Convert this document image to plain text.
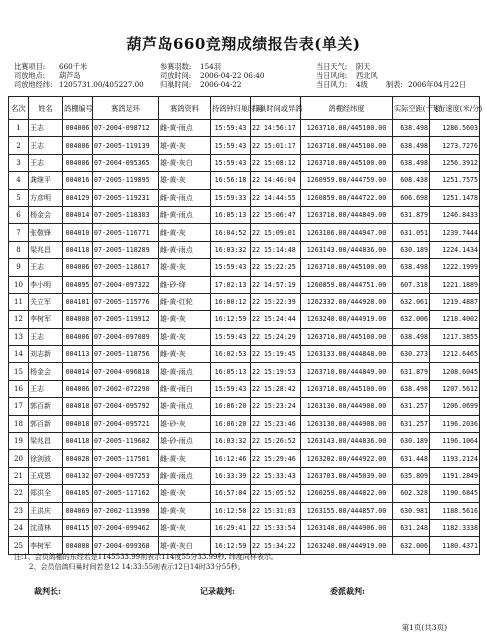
葫芦岛660竞翔成绩报告表(单关)
比赛项目: 660千米
司放地点: 葫芦岛
司放地经纬: 1205731.00/405227.00
参赛羽数: 154羽
司放时间: 2006-04-22 06:40
归巢时间: 2006-04-22
当日天气: 阴天
当日风向: 西北风
当日风力: 4级	制表: 2006年04月22日
名次	姓名	鸽棚编号	赛鸽足环	赛鸽资料	持鸽钟归巢时间	归巢时间或异鸽	鸽棚经纬度	实际空距(千米)	飞行速度(米/分)
1	王志	004006	07-2004-098712	雌-黄-雨点	15:59:43	22 14:56:17	1263710.00/445100.00	638.498	1286.5603
2	王志	004006	07-2005-119139	雄-黄-灰	15:59:43	22 15:01:17	1263710.00/445100.00	638.498	1273.7276
3	王志	004006	07-2004-095365	雄-黄-灰白	15:59:43	22 15:08:12	1263710.00/445100.00	638.498	1256.3912
4	龚继平	004016	07-2005-119895	雄-黄-灰	16:56:18	22 14:46:04	1260959.00/444759.00	608.438	1251.7575
5	方彦明	004129	07-2005-119231	雌-黄-雨点	15:59:33	22 14:44:55	1260859.00/444722.00	606.698	1251.1478
6	杨金会	004014	07-2005-118303	雌-黄-雨点	16:05:13	22 15:06:47	1263710.00/444849.00	631.879	1246.8433
7	张敬锋	004010	07-2005-116771	雌-黄-灰	16:04:52	22 15:09:01	1263106.00/444947.00	631.051	1239.7444
8	梁兆昌	004118	07-2005-118289	雌-黄-雨点	16:03:32	22 15:14:48	1263143.00/444836.00	630.189	1224.1434
9	王志	004006	07-2005-118617	雄-黄-灰	15:59:43	22 15:22:25	1263710.00/445100.00	638.498	1222.1999
10	李小明	004095	07-2004-097322	雌-砂-绛	17:02:13	22 14:57:19	1260859.00/444751.00	607.318	1221.1889
11	关立军	004101	07-2005-115776	雌-黄-红轮	16:00:12	22 15:22:39	1262332.00/444928.00	632.061	1219.4887
12	李树军	004008	07-2005-119912	雄-黄-灰	16:12:59	22 15:24:44	1263240.00/444919.00	632.006	1218.4002
13	王志	004006	07-2004-097089	雄-黄-灰	15:59:43	22 15:24:29	1263710.00/445100.00	638.498	1217.3855
14	刘志新	004113	07-2005-118756	雌-黄-灰	16:02:53	22 15:19:45	1263133.00/444848.00	630.273	1212.6465
15	杨金会	004014	07-2004-096818	雄-黄-雨点	16:05:13	22 15:19:53	1263710.00/444849.00	631.879	1208.6045
16	王志	004006	07-2002-072290	雌-黄-雨白	15:59:43	22 15:28:42	1263710.00/445100.00	638.498	1207.5612
17	郭百新	004018	07-2004-095792	雄-黄-雨点	16:06:20	22 15:23:24	1263130.00/444908.00	631.257	1206.0699
18	郭百新	004018	07-2004-095721	雄-砂-灰	16:06:20	22 15:23:46	1263130.00/444908.00	631.257	1196.2036
19	梁兆昌	004118	07-2005-119602	雄-砂-雨点	16:03:32	22 15:26:52	1263143.00/444836.00	630.189	1196.1064
20	徐剑波	004028	07-2005-117501	雌-黄-灰	16:12:46	22 15:29:46	1263202.00/444922.00	631.448	1193.2124
21	王成恩	004132	07-2004-097253	雌-黄-雨点	16:33:39	22 15:33:43	1263703.00/445039.00	635.809	1191.2849
22	郑洪全	004105	07-2005-117162	雄-黄-灰	16:57:04	22 15:05:52	1260259.00/444822.00	602.328	1190.6845
23	王洪庆	004069	07-2002-113990	雄-黄-灰	16:12:50	22 15:31:03	1263155.00/444857.00	630.981	1188.5616
24	沈清林	004115	07-2004-099462	雄-黄-灰	16:29:41	22 15:33:54	1263140.00/444906.00	631.248	1182.3338
25	李树军	004008	07-2004-099368	雄-黄-灰白	16:12:59	22 15:34:22	1263240.00/444919.00	632.006	1180.4371
注:1、会员鸽棚的东经若是1145533.99则表示114度55分33.99秒, 纬度同样表示。
2、会员信鸽归巢时间若是12 14:33:55则表示12日14时33分55秒。
裁判长:	记录裁判:	委派裁判:
第1页(共3页)
